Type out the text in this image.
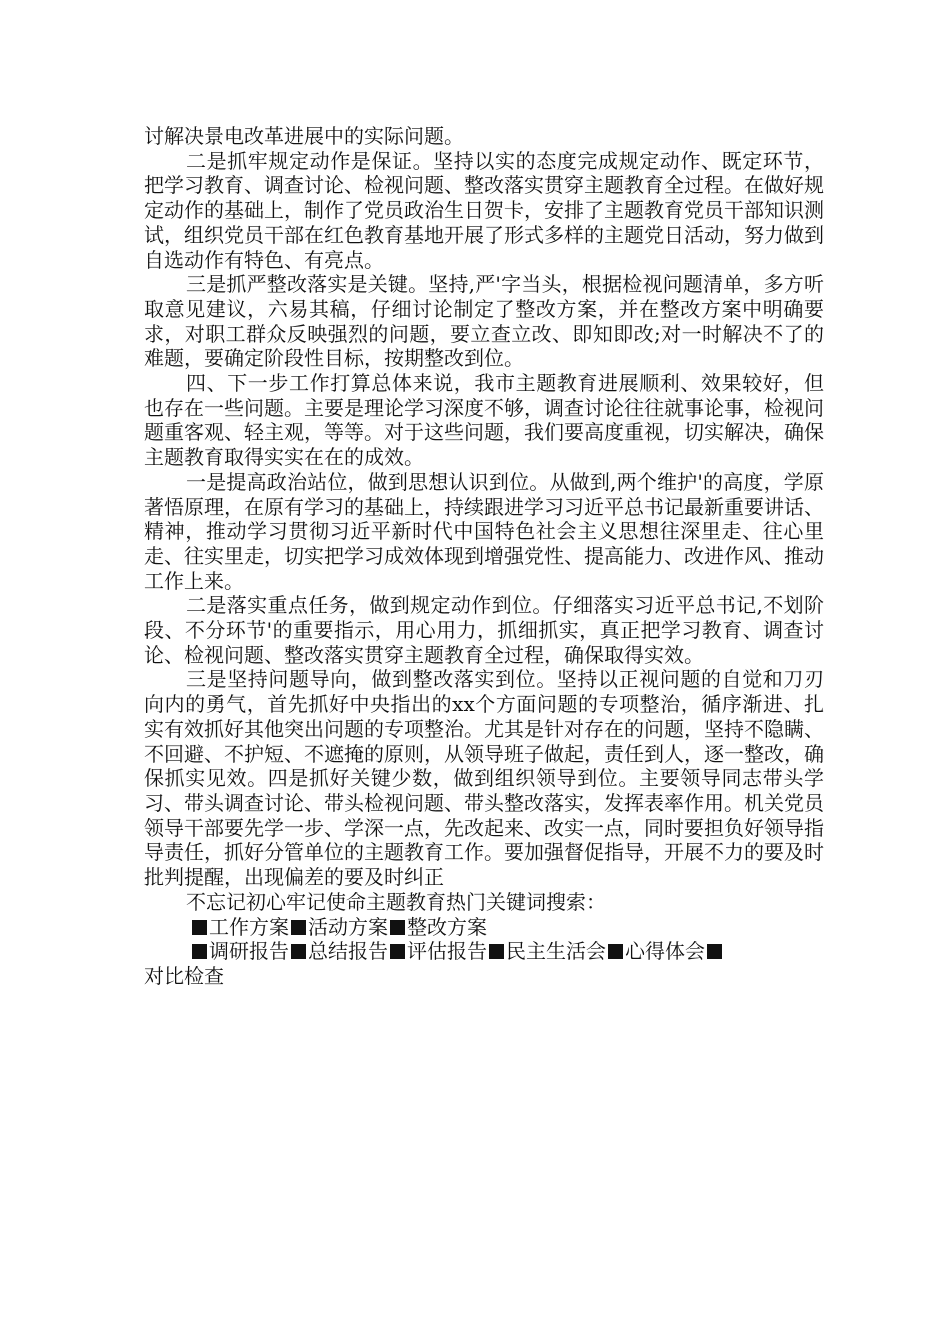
讨解决景电改革进展中的实际问题。

二是抓牢规定动作是保证。坚持以实的态度完成规定动作、既定环节，把学习教育、调查讨论、检视问题、整改落实贯穿主题教育全过程。在做好规定动作的基础上，制作了党员政治生日贺卡，安排了主题教育党员干部知识测试，组织党员干部在红色教育基地开展了形式多样的主题党日活动，努力做到自选动作有特色、有亮点。

三是抓严整改落实是关键。坚持,严'字当头，根据检视问题清单，多方听取意见建议，六易其稿，仔细讨论制定了整改方案，并在整改方案中明确要求，对职工群众反映强烈的问题，要立查立改、即知即改;对一时解决不了的难题，要确定阶段性目标，按期整改到位。

四、下一步工作打算总体来说，我市主题教育进展顺利、效果较好，但也存在一些问题。主要是理论学习深度不够，调查讨论往往就事论事，检视问题重客观、轻主观，等等。对于这些问题，我们要高度重视，切实解决，确保主题教育取得实实在在的成效。

一是提高政治站位，做到思想认识到位。从做到,两个维护'的高度，学原著悟原理，在原有学习的基础上，持续跟进学习习近平总书记最新重要讲话、精神，推动学习贯彻习近平新时代中国特色社会主义思想往深里走、往心里走、往实里走，切实把学习成效体现到增强党性、提高能力、改进作风、推动工作上来。

二是落实重点任务，做到规定动作到位。仔细落实习近平总书记,不划阶段、不分环节'的重要指示，用心用力，抓细抓实，真正把学习教育、调查讨论、检视问题、整改落实贯穿主题教育全过程，确保取得实效。

三是坚持问题导向，做到整改落实到位。坚持以正视问题的自觉和刀刃向内的勇气，首先抓好中央指出的xx个方面问题的专项整治，循序渐进、扎实有效抓好其他突出问题的专项整治。尤其是针对存在的问题，坚持不隐瞒、不回避、不护短、不遮掩的原则，从领导班子做起，责任到人，逐一整改，确保抓实见效。四是抓好关键少数，做到组织领导到位。主要领导同志带头学习、带头调查讨论、带头检视问题、带头整改落实，发挥表率作用。机关党员领导干部要先学一步、学深一点，先改起来、改实一点，同时要担负好领导指导责任，抓好分管单位的主题教育工作。要加强督促指导，开展不力的要及时批判提醒，出现偏差的要及时纠正

不忘记初心牢记使命主题教育热门关键词搜索：

工作方案 活动方案 整改方案

调研报告 总结报告 评估报告 民主生活会 心得体会

对比检查
